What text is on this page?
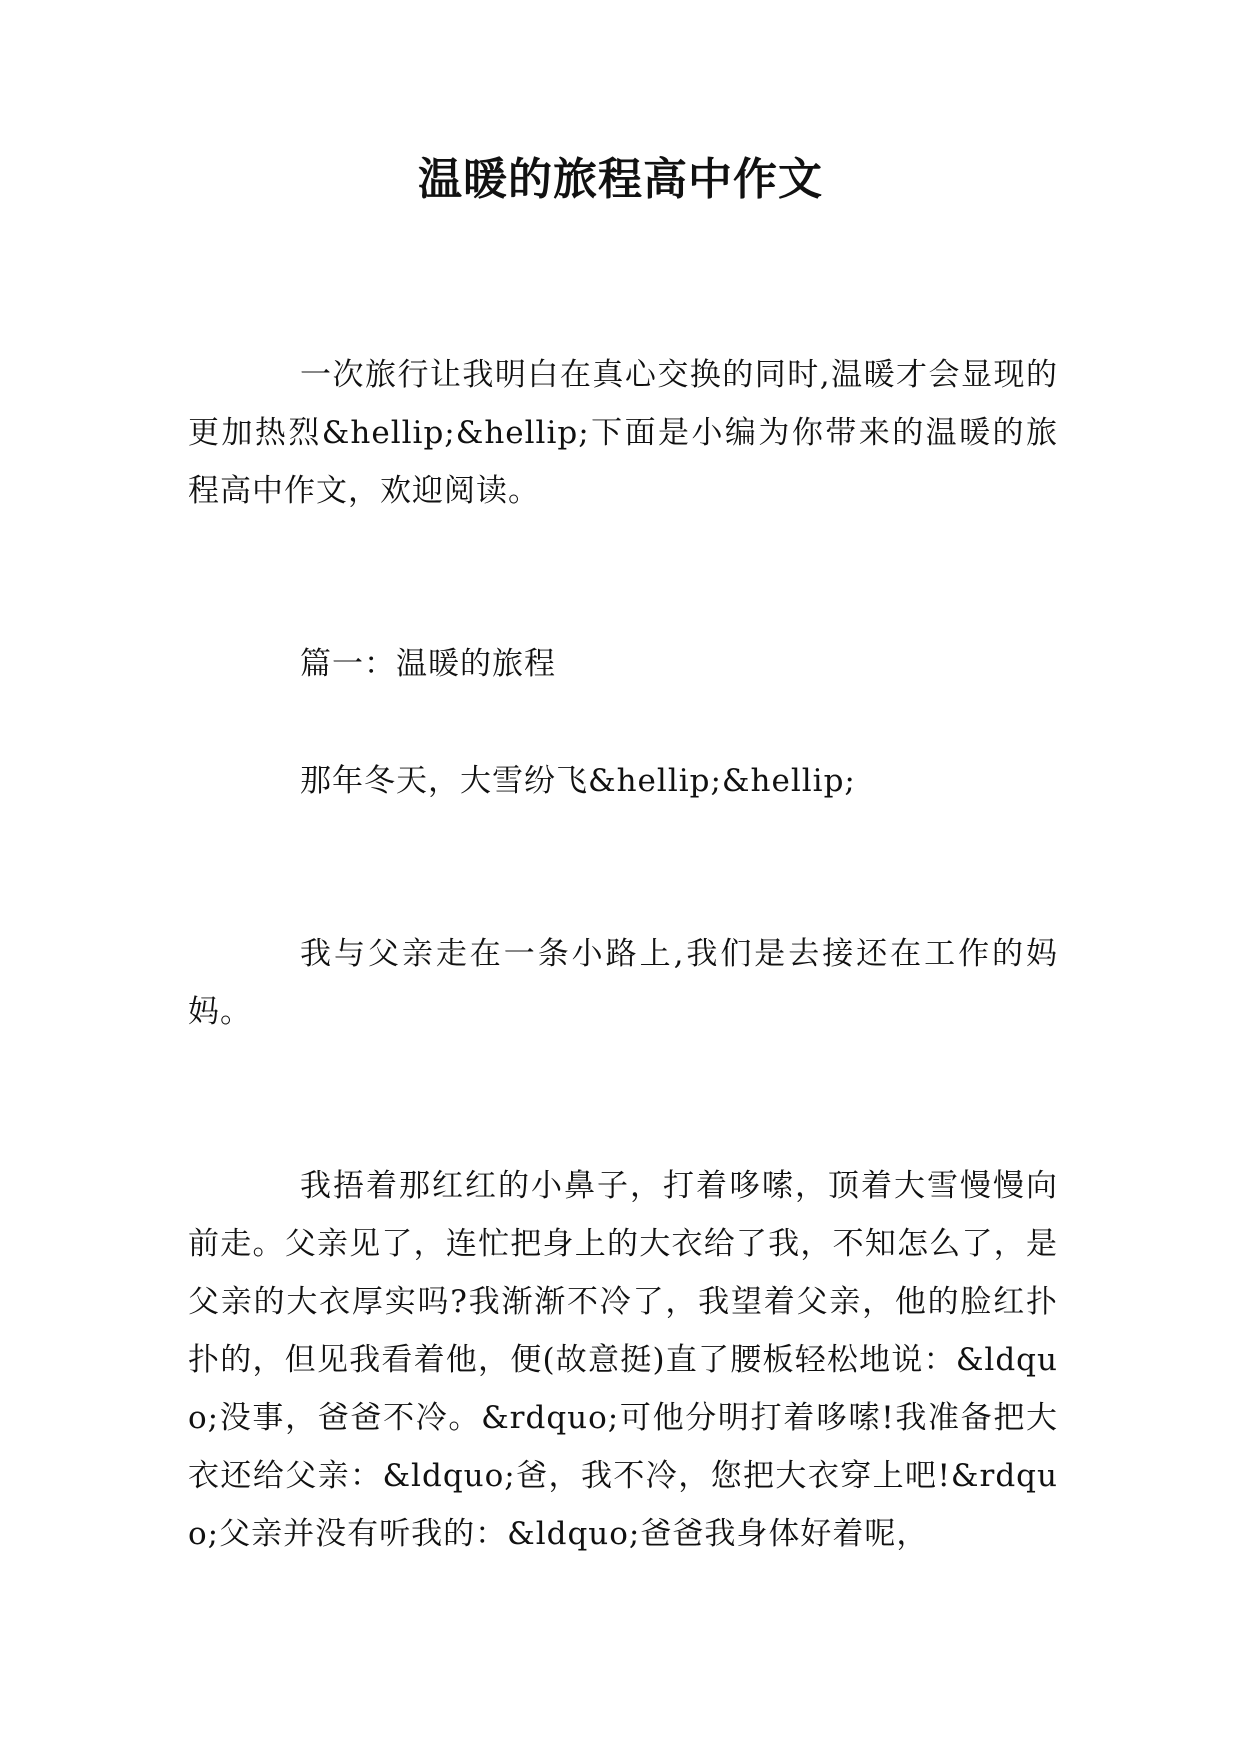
温暖的旅程高中作文
一次旅行让我明白在真心交换的同时,温暖才会显现的更加热烈&hellip;&hellip;下面是小编为你带来的温暖的旅程高中作文，欢迎阅读。
篇一：温暖的旅程
那年冬天，大雪纷飞&hellip;&hellip;
我与父亲走在一条小路上,我们是去接还在工作的妈妈。
我捂着那红红的小鼻子，打着哆嗦，顶着大雪慢慢向前走。父亲见了，连忙把身上的大衣给了我，不知怎么了，是父亲的大衣厚实吗?我渐渐不冷了，我望着父亲，他的脸红扑扑的，但见我看着他，便(故意挺)直了腰板轻松地说：&ldquo;没事，爸爸不冷。&rdquo;可他分明打着哆嗦!我准备把大衣还给父亲：&ldquo;爸，我不冷，您把大衣穿上吧!&rdquo;父亲并没有听我的：&ldquo;爸爸我身体好着呢，
